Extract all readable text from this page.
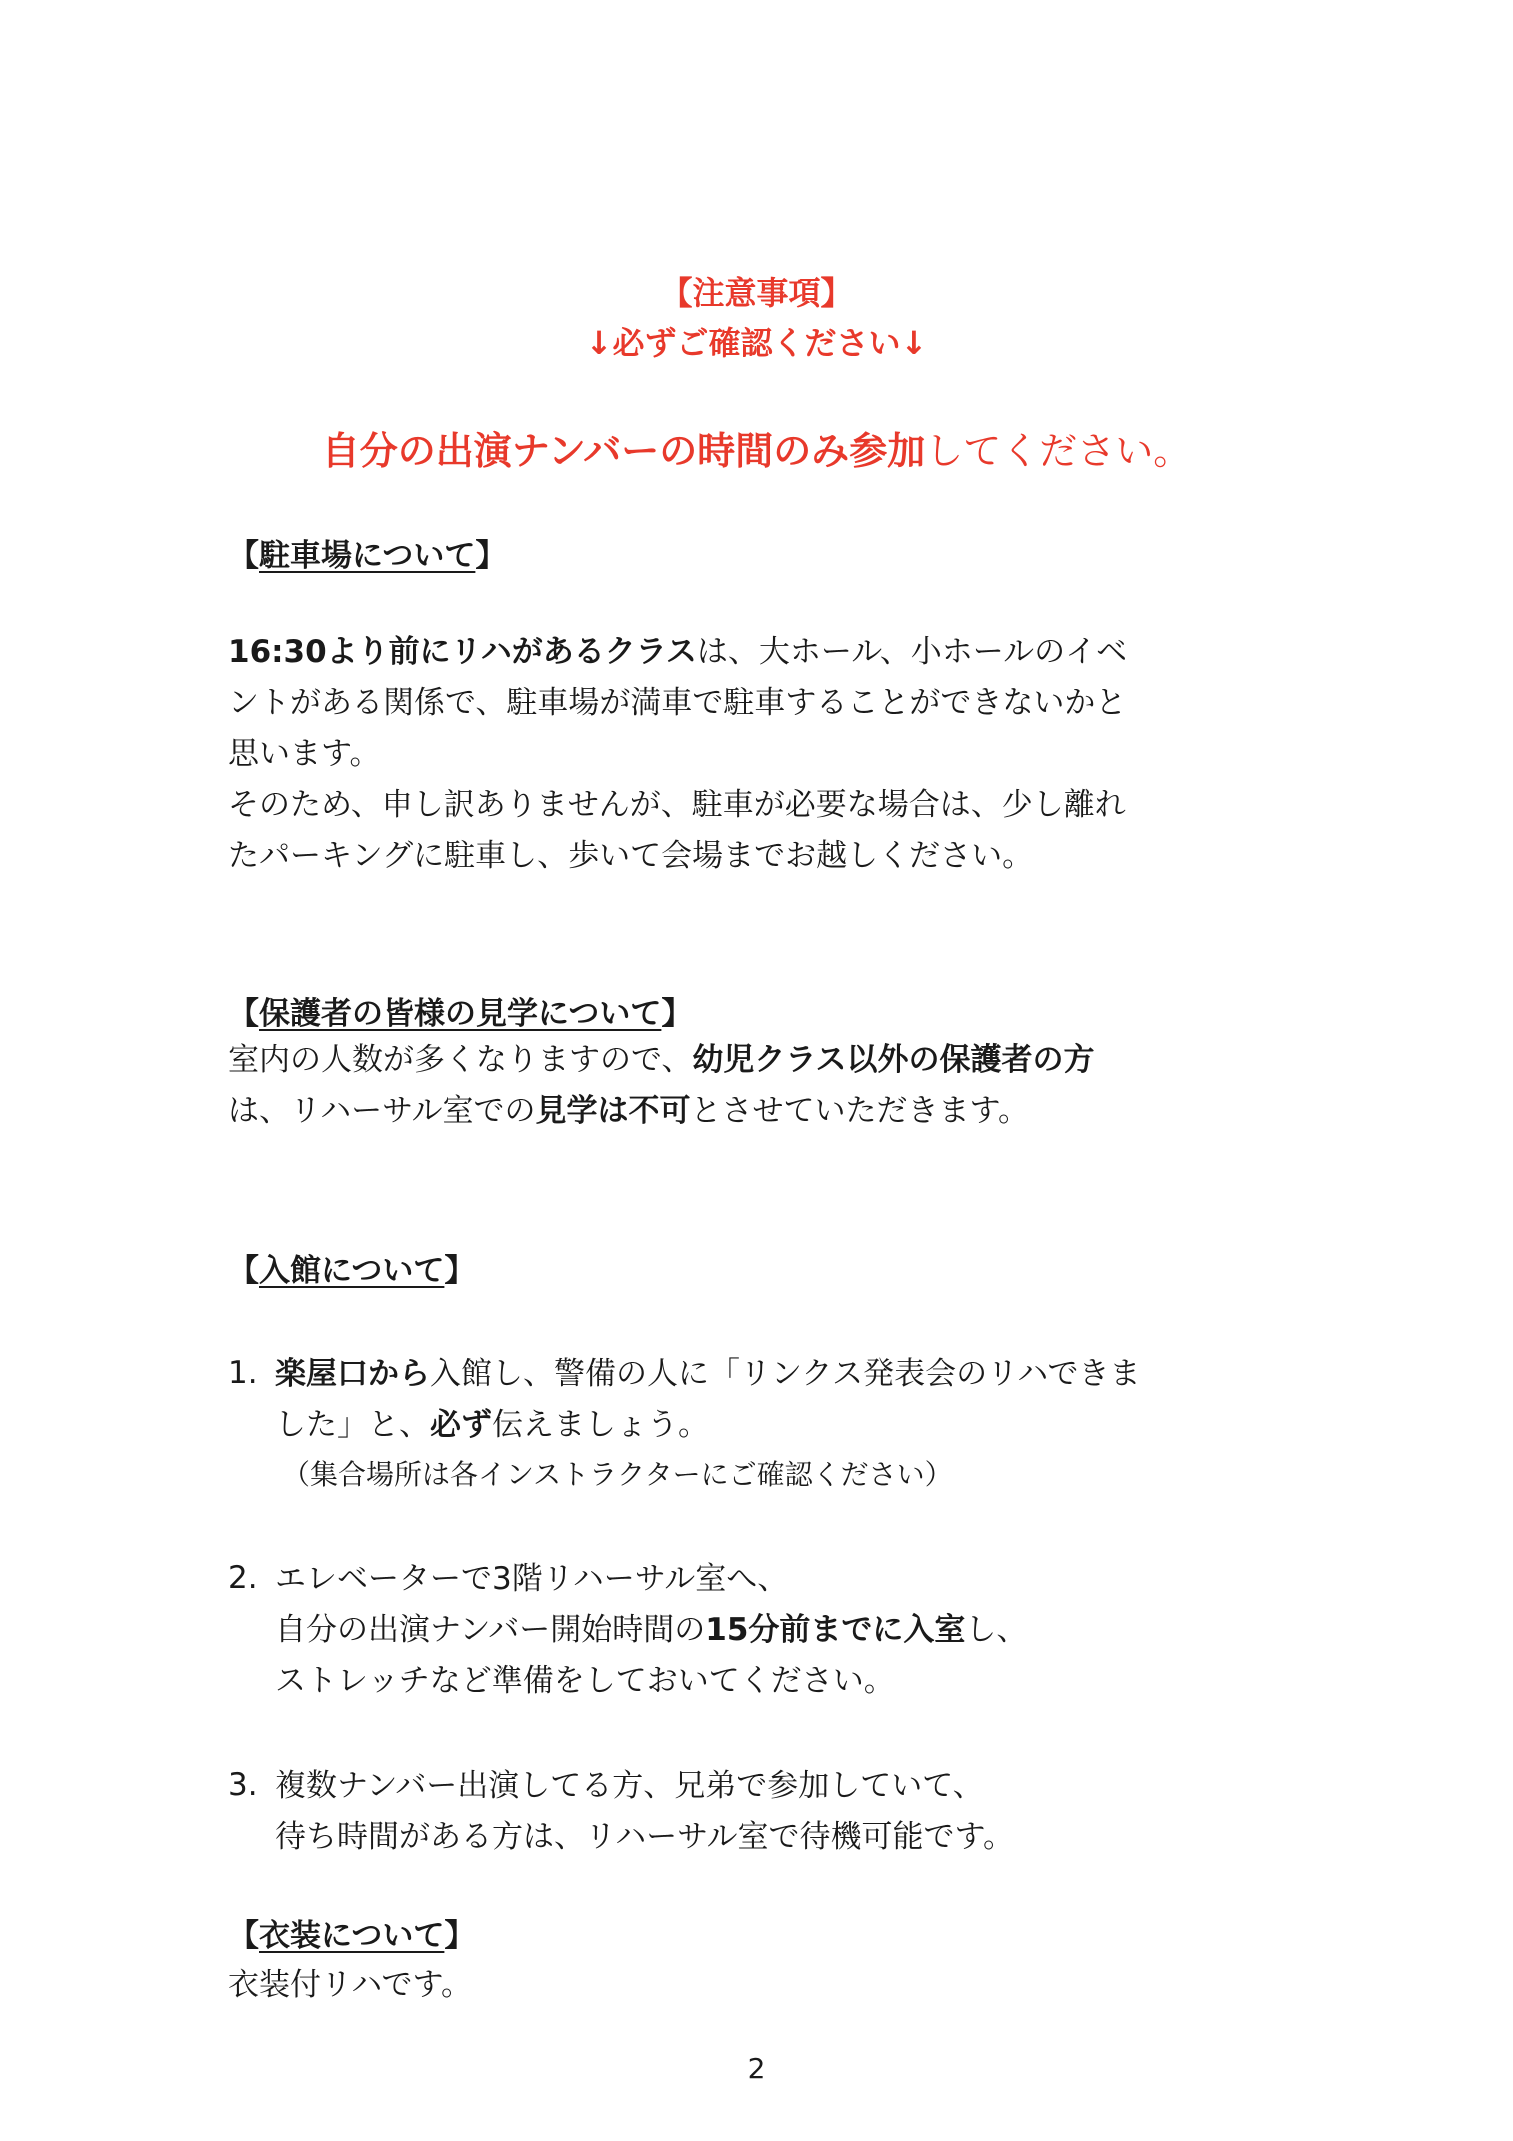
【注意事項】
↓必ずご確認ください↓
自分の出演ナンバーの時間のみ参加してください。
【駐車場について】
16:30より前にリハがあるクラスは、大ホール、小ホールのイベ
ントがある関係で、駐車場が満車で駐車することができないかと
思います。
そのため、申し訳ありませんが、駐車が必要な場合は、少し離れ
たパーキングに駐車し、歩いて会場までお越しください。
【保護者の皆様の見学について】
室内の人数が多くなりますので、幼児クラス以外の保護者の方
は、リハーサル室での見学は不可とさせていただきます。
【入館について】
1. 楽屋口から入館し、警備の人に「リンクス発表会のリハできま
した」と、必ず伝えましょう。
（集合場所は各インストラクターにご確認ください）
2. エレベーターで3階リハーサル室へ、
自分の出演ナンバー開始時間の15分前までに入室し、
ストレッチなど準備をしておいてください。
3. 複数ナンバー出演してる方、兄弟で参加していて、
待ち時間がある方は、リハーサル室で待機可能です。
【衣装について】
衣装付リハです。
2
